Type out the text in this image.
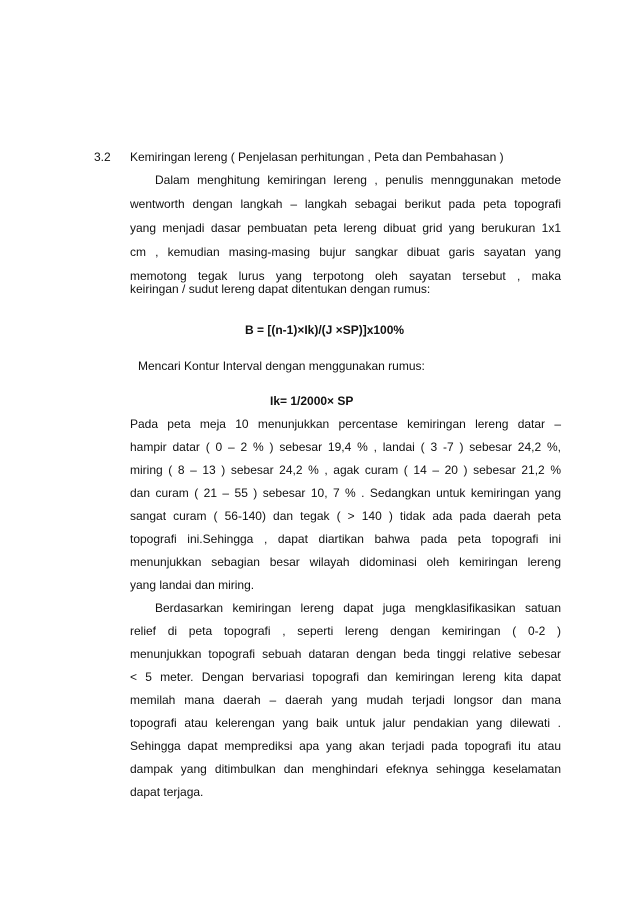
3.2 Kemiringan lereng ( Penjelasan perhitungan , Peta dan Pembahasan )
Dalam menghitung kemiringan lereng , penulis mennggunakan metode
wentworth dengan langkah – langkah sebagai berikut pada peta topografi
yang menjadi dasar pembuatan peta lereng dibuat grid yang berukuran 1x1
cm , kemudian masing-masing bujur sangkar dibuat garis sayatan yang
memotong tegak lurus yang terpotong oleh sayatan tersebut , maka
keiringan / sudut lereng dapat ditentukan dengan rumus:
B = [(n-1)×Ik)/(J ×SP)]x100%
Mencari Kontur Interval dengan menggunakan rumus:
Ik= 1/2000× SP
Pada peta meja 10 menunjukkan percentase kemiringan lereng datar –
hampir datar ( 0 – 2 % ) sebesar 19,4 % , landai ( 3 -7 ) sebesar 24,2 %,
miring ( 8 – 13 ) sebesar 24,2 % , agak curam ( 14 – 20 ) sebesar 21,2 %
dan curam ( 21 – 55 ) sebesar 10, 7 % . Sedangkan untuk kemiringan yang
sangat curam ( 56-140) dan tegak ( > 140 ) tidak ada pada daerah peta
topografi ini.Sehingga , dapat diartikan bahwa pada peta topografi ini
menunjukkan sebagian besar wilayah didominasi oleh kemiringan lereng
yang landai dan miring.
Berdasarkan kemiringan lereng dapat juga mengklasifikasikan satuan
relief di peta topografi , seperti lereng dengan kemiringan ( 0-2 )
menunjukkan topografi sebuah dataran dengan beda tinggi relative sebesar
< 5 meter. Dengan bervariasi topografi dan kemiringan lereng kita dapat
memilah mana daerah – daerah yang mudah terjadi longsor dan mana
topografi atau kelerengan yang baik untuk jalur pendakian yang dilewati .
Sehingga dapat memprediksi apa yang akan terjadi pada topografi itu atau
dampak yang ditimbulkan dan menghindari efeknya sehingga keselamatan
dapat terjaga.
